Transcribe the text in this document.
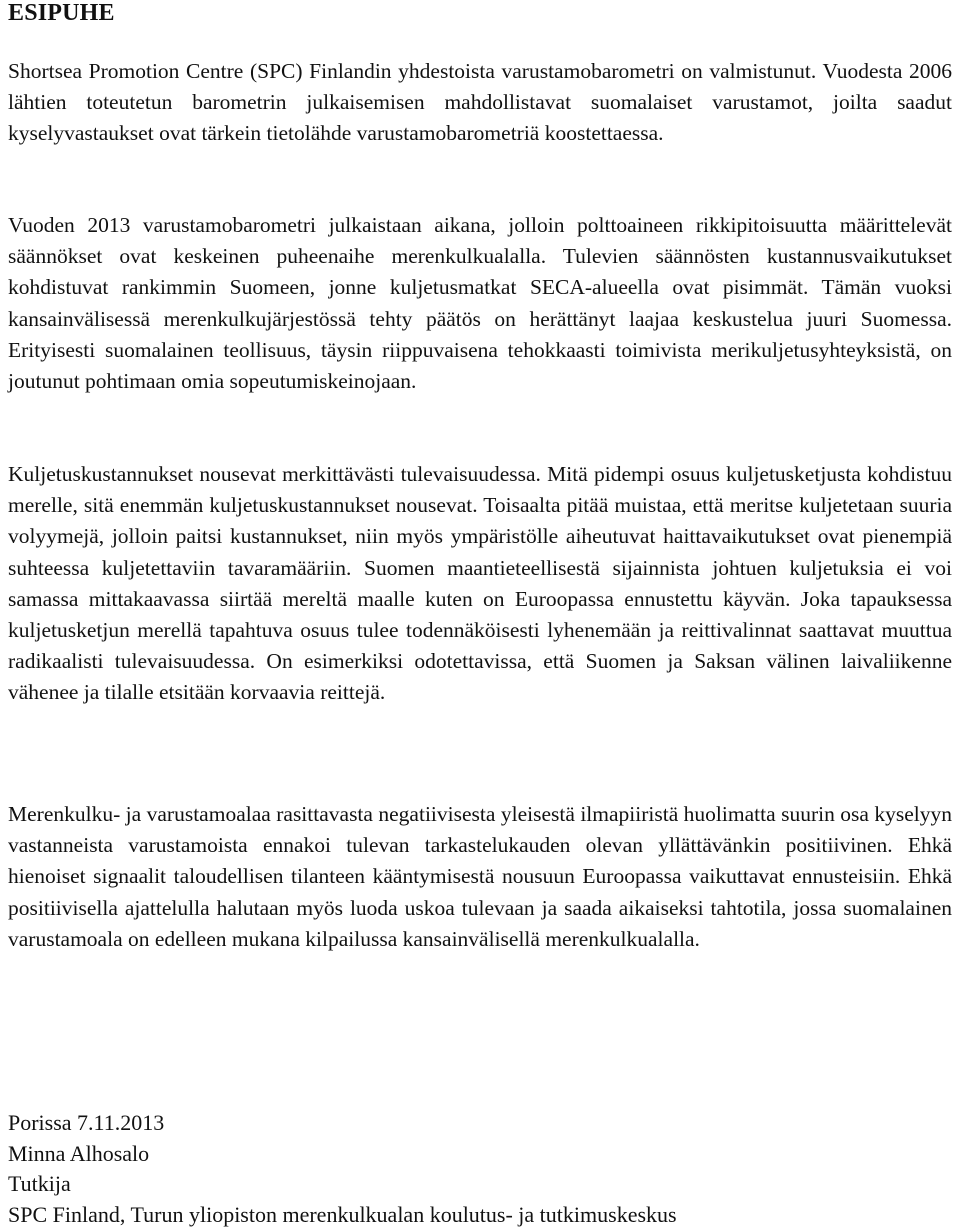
ESIPUHE

Shortsea Promotion Centre (SPC) Finlandin yhdestoista varustamobarometri on valmistunut. Vuodesta 2006 lähtien toteutetun barometrin julkaisemisen mahdollistavat suomalaiset varustamot, joilta saadut kyselyvastaukset ovat tärkein tietolähde varustamobarometriä koostettaessa.

Vuoden 2013 varustamobarometri julkaistaan aikana, jolloin polttoaineen rikkipitoisuutta määrittelevät säännökset ovat keskeinen puheenaihe merenkulkualalla. Tulevien säännösten kustannusvaikutukset kohdistuvat rankimmin Suomeen, jonne kuljetusmatkat SECA-alueella ovat pisimmät. Tämän vuoksi kansainvälisessä merenkulkujärjestössä tehty päätös on herättänyt laajaa keskustelua juuri Suomessa. Erityisesti suomalainen teollisuus, täysin riippuvaisena tehokkaasti toimivista merikuljetusyhteyksistä, on joutunut pohtimaan omia sopeutumiskeinojaan.

Kuljetuskustannukset nousevat merkittävästi tulevaisuudessa. Mitä pidempi osuus kuljetusketjusta kohdistuu merelle, sitä enemmän kuljetuskustannukset nousevat. Toisaalta pitää muistaa, että meritse kuljetetaan suuria volyymejä, jolloin paitsi kustannukset, niin myös ympäristölle aiheutuvat haittavaikutukset ovat pienempiä suhteessa kuljetettaviin tavaramääriin. Suomen maantieteellisestä sijainnista johtuen kuljetuksia ei voi samassa mittakaavassa siirtää mereltä maalle kuten on Euroopassa ennustettu käyvän. Joka tapauksessa kuljetusketjun merellä tapahtuva osuus tulee todennäköisesti lyhenemään ja reittivalinnat saattavat muuttua radikaalisti tulevaisuudessa. On esimerkiksi odotettavissa, että Suomen ja Saksan välinen laivaliikenne vähenee ja tilalle etsitään korvaavia reittejä.

Merenkulku- ja varustamoalaa rasittavasta negatiivisesta yleisestä ilmapiiristä huolimatta suurin osa kyselyyn vastanneista varustamoista ennakoi tulevan tarkastelukauden olevan yllättävänkin positiivinen. Ehkä hienoiset signaalit taloudellisen tilanteen kääntymisestä nousuun Euroopassa vaikuttavat ennusteisiin. Ehkä positiivisella ajattelulla halutaan myös luoda uskoa tulevaan ja saada aikaiseksi tahtotila, jossa suomalainen varustamoala on edelleen mukana kilpailussa kansainvälisellä merenkulkualalla.

Porissa 7.11.2013
Minna Alhosalo
Tutkija
SPC Finland, Turun yliopiston merenkulkualan koulutus- ja tutkimuskeskus
